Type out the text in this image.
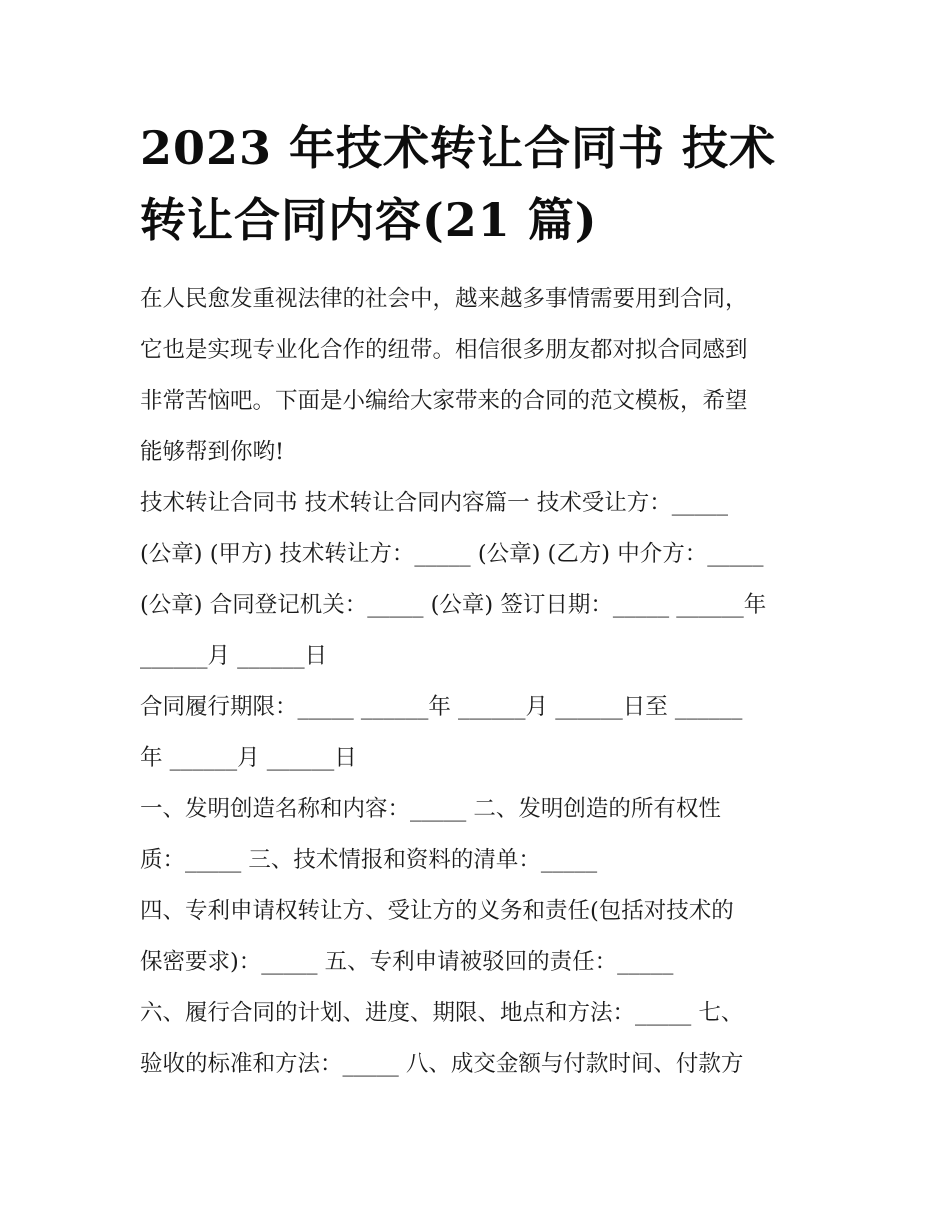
2023 年技术转让合同书 技术
转让合同内容(21 篇)
在人民愈发重视法律的社会中，越来越多事情需要用到合同，
它也是实现专业化合作的纽带。相信很多朋友都对拟合同感到
非常苦恼吧。下面是小编给大家带来的合同的范文模板，希望
能够帮到你哟!
技术转让合同书 技术转让合同内容篇一 技术受让方：_____
(公章) (甲方) 技术转让方：_____ (公章) (乙方) 中介方：_____
(公章) 合同登记机关：_____ (公章) 签订日期：_____ ______年
______月 ______日
合同履行期限：_____ ______年 ______月 ______日至 ______
年 ______月 ______日
一、发明创造名称和内容：_____ 二、发明创造的所有权性
质：_____ 三、技术情报和资料的清单：_____
四、专利申请权转让方、受让方的义务和责任(包括对技术的
保密要求)：_____ 五、专利申请被驳回的责任：_____
六、履行合同的计划、进度、期限、地点和方法：_____ 七、
验收的标准和方法：_____ 八、成交金额与付款时间、付款方
